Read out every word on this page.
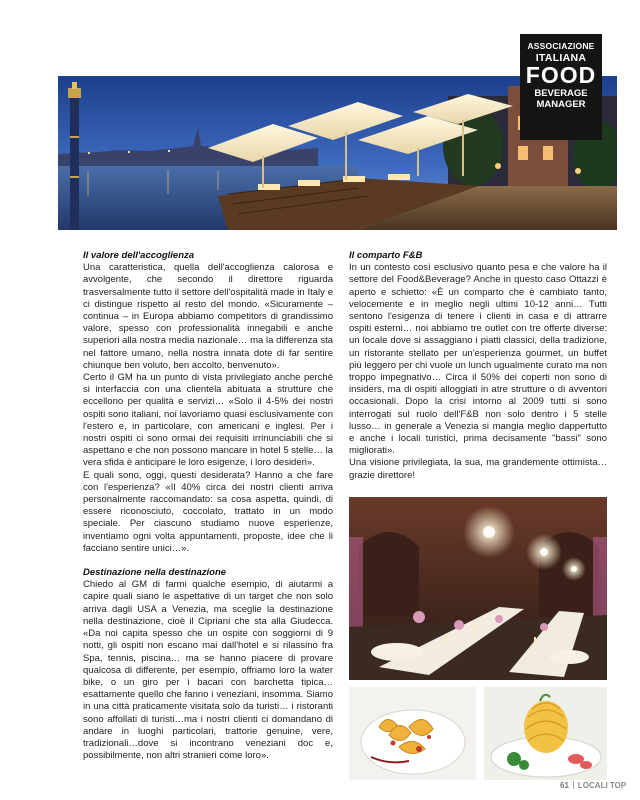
ASSOCIAZIONE
ITALIANA
FOOD
BEVERAGE
MANAGER
Il valore dell'accoglienza

Una caratteristica, quella dell'accoglienza calorosa e avvolgente, che secondo il direttore riguarda trasversalmente tutto il settore dell'ospitalità made in Italy e ci distingue rispetto al resto del mondo. «Sicuramente – continua – in Europa abbiamo competitors di grandissimo valore, spesso con professionalità innegabili e anche superiori alla nostra media nazionale… ma la differenza sta nel fattore umano, nella nostra innata dote di far sentire chiunque ben voluto, ben accolto, benvenuto».

Certo il GM ha un punto di vista privilegiato anche perché si interfaccia con una clientela abituata a strutture che eccellono per qualità e servizi… «Solo il 4-5% dei nostri ospiti sono italiani, noi lavoriamo quasi esclusivamente con l'estero e, in particolare, con americani e inglesi. Per i nostri ospiti ci sono ormai dei requisiti irrinunciabili che si aspettano e che non possono mancare in hotel 5 stelle… la vera sfida è anticipare le loro esigenze, i loro desideri».

E quali sono, oggi, questi desiderata? Hanno a che fare con l'esperienza? «Il 40% circa dei nostri clienti arriva personalmente raccomandato: sa cosa aspetta, quindi, di essere riconosciuto, coccolato, trattato in un modo speciale. Per ciascuno studiamo nuove esperienze, inventiamo ogni volta appuntamenti, proposte, idee che li facciano sentire unici…».

Destinazione nella destinazione

Chiedo al GM di farmi qualche esempio, di aiutarmi a capire quali siano le aspettative di un target che non solo arriva dagli USA a Venezia, ma sceglie la destinazione nella destinazione, cioè il Cipriani che sta alla Giudecca. «Da noi capita spesso che un ospite con soggiorni di 9 notti, gli ospiti non escano mai dall'hotel e si rilassino fra Spa, tennis, piscina… ma se hanno piacere di provare qualcosa di differente, per esempio, offriamo loro la water bike, o un giro per i bacari con barchetta tipica… esattamente quello che fanno i veneziani, insomma. Siamo in una città praticamente visitata solo da turisti… i ristoranti sono affollati di turisti…ma i nostri clienti ci domandano di andare in luoghi particolari, trattorie genuine, vere, tradizionali…dove si incontrano veneziani doc e, possibilmente, non altri stranieri come loro».

Il comparto F&B

In un contesto così esclusivo quanto pesa e che valore ha il settore del Food&Beverage? Anche in questo caso Ottazzi è aperto e schietto: «È un comparto che è cambiato tanto, velocemente e in meglio negli ultimi 10-12 anni… Tutti sentono l'esigenza di tenere i clienti in casa e di attrarre ospiti esterni… noi abbiamo tre outlet con tre offerte diverse: un locale dove si assaggiano i piatti classici, della tradizione, un ristorante stellato per un'esperienza gourmet, un buffet più leggero per chi vuole un lunch ugualmente curato ma non troppo impegnativo… Circa il 50% dei coperti non sono di insiders, ma di ospiti alloggiati in atre strutture o di avventori occasionali. Dopo la crisi intorno al 2009 tutti si sono interrogati sul ruolo dell'F&B non solo dentro i 5 stelle lusso… in generale a Venezia si mangia meglio dappertutto e anche i locali turistici, prima decisamente "bassi" sono migliorati».

Una visione privilegiata, la sua, ma grandemente ottimista… grazie direttore!

61 LOCALI TOP
